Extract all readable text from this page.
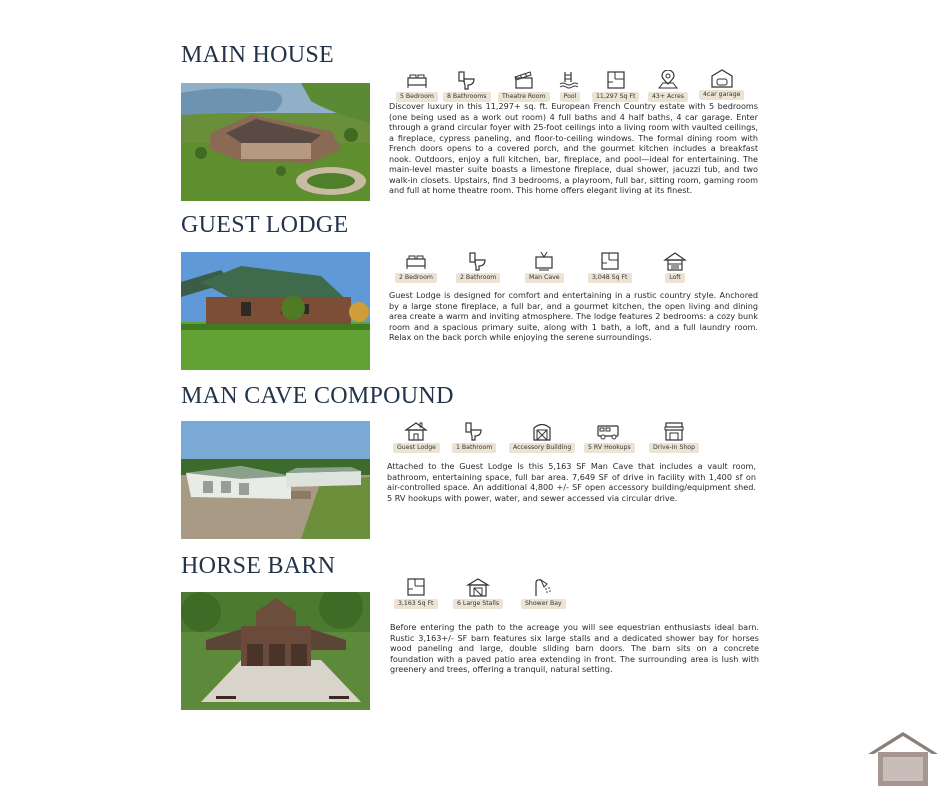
MAIN HOUSE
5 Bedroom	8 Bathrooms	Theatre Room	Pool	11,297 Sq Ft	43+ Acres	4car garage

Discover luxury in this 11,297+ sq. ft. European French Country estate with 5 bedrooms (one being used as a work out room) 4 full baths and 4 half baths, 4 car garage. Enter through a grand circular foyer with 25-foot ceilings into a living room with vaulted ceilings, a fireplace, cypress paneling, and floor-to-ceiling windows. The formal dining room with French doors opens to a covered porch, and the gourmet kitchen includes a breakfast nook. Outdoors, enjoy a full kitchen, bar, fireplace, and pool—ideal for entertaining. The main-level master suite boasts a limestone fireplace, dual shower, jacuzzi tub, and two walk-in closets. Upstairs, find 3 bedrooms, a playroom, full bar, sitting room, gaming room and full at home theatre room. This home offers elegant living at its finest.

GUEST LODGE
2 Bedroom	2 Bathroom	Man Cave	3,048 Sq Ft	Loft

Guest Lodge is designed for comfort and entertaining in a rustic country style. Anchored by a large stone fireplace, a full bar, and a gourmet kitchen, the open living and dining area create a warm and inviting atmosphere. The lodge features 2 bedrooms: a cozy bunk room and a spacious primary suite, along with 1 bath, a loft, and a full laundry room. Relax on the back porch while enjoying the serene surroundings.

MAN CAVE COMPOUND
Guest Lodge	1 Bathroom	Accessory Building	5 RV Hookups	Drive-In Shop

Attached to the Guest Lodge Is this 5,163 SF Man Cave that includes a vault room, bathroom, entertaining space, full bar area. 7,649 SF of drive in facility with 1,400 sf on air-controlled space. An additional 4,800 +/- SF open accessory building/equipment shed. 5 RV hookups with power, water, and sewer accessed via circular drive.

HORSE BARN
3,163 Sq Ft	6 Large Stalls	Shower Bay

Before entering the path to the acreage you will see equestrian enthusiasts ideal barn. Rustic 3,163+/- SF barn features six large stalls and a dedicated shower bay for horses wood paneling and large, double sliding barn doors. The barn sits on a concrete foundation with a paved patio area extending in front. The surrounding area is lush with greenery and trees, offering a tranquil, natural setting.
